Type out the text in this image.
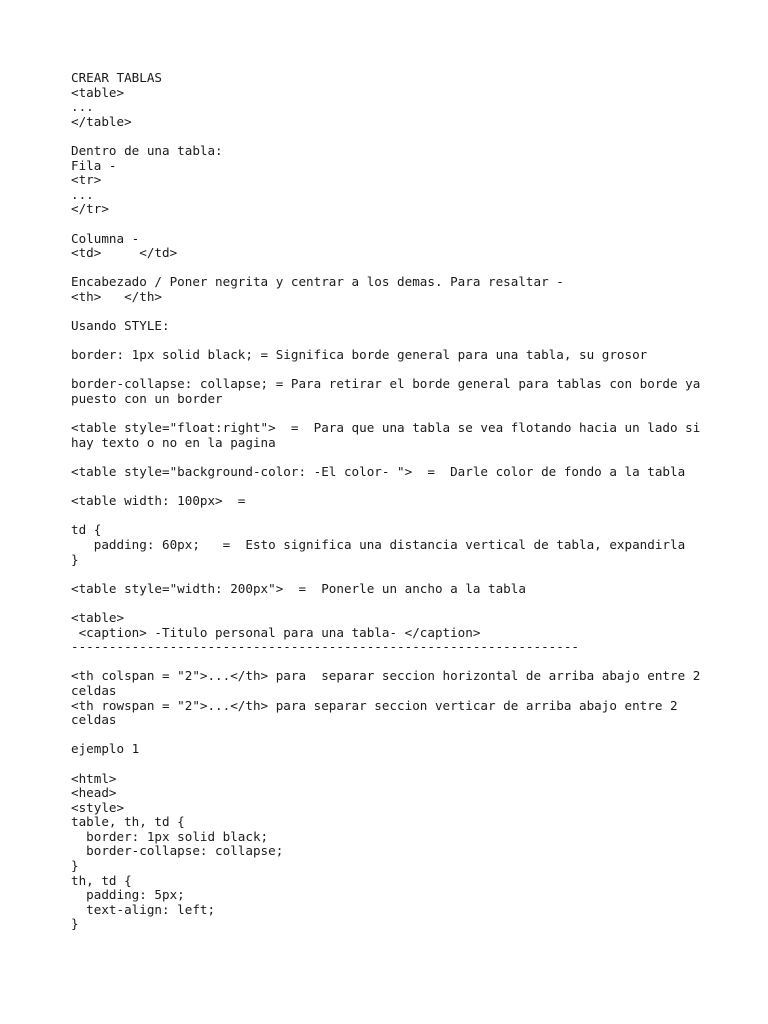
CREAR TABLAS
<table>
...
</table>
Dentro de una tabla:
Fila -
<tr>
...
</tr>
Columna -
<td>     </td>
Encabezado / Poner negrita y centrar a los demas. Para resaltar -
<th>   </th>
Usando STYLE:
border: 1px solid black; = Significa borde general para una tabla, su grosor
border-collapse: collapse; = Para retirar el borde general para tablas con borde ya
puesto con un border
<table style="float:right">  =  Para que una tabla se vea flotando hacia un lado si
hay texto o no en la pagina
<table style="background-color: -El color- ">  =  Darle color de fondo a la tabla
<table width: 100px>  =
td {
padding: 60px;   =  Esto significa una distancia vertical de tabla, expandirla
}
<table style="width: 200px">  =  Ponerle un ancho a la tabla
<table>
<caption> -Titulo personal para una tabla- </caption>
-------------------------------------------------------------------
<th colspan = "2">...</th> para  separar seccion horizontal de arriba abajo entre 2
celdas
<th rowspan = "2">...</th> para separar seccion verticar de arriba abajo entre 2
celdas
ejemplo 1
<html>
<head>
<style>
table, th, td {
border: 1px solid black;
border-collapse: collapse;
}
th, td {
padding: 5px;
text-align: left;
}
